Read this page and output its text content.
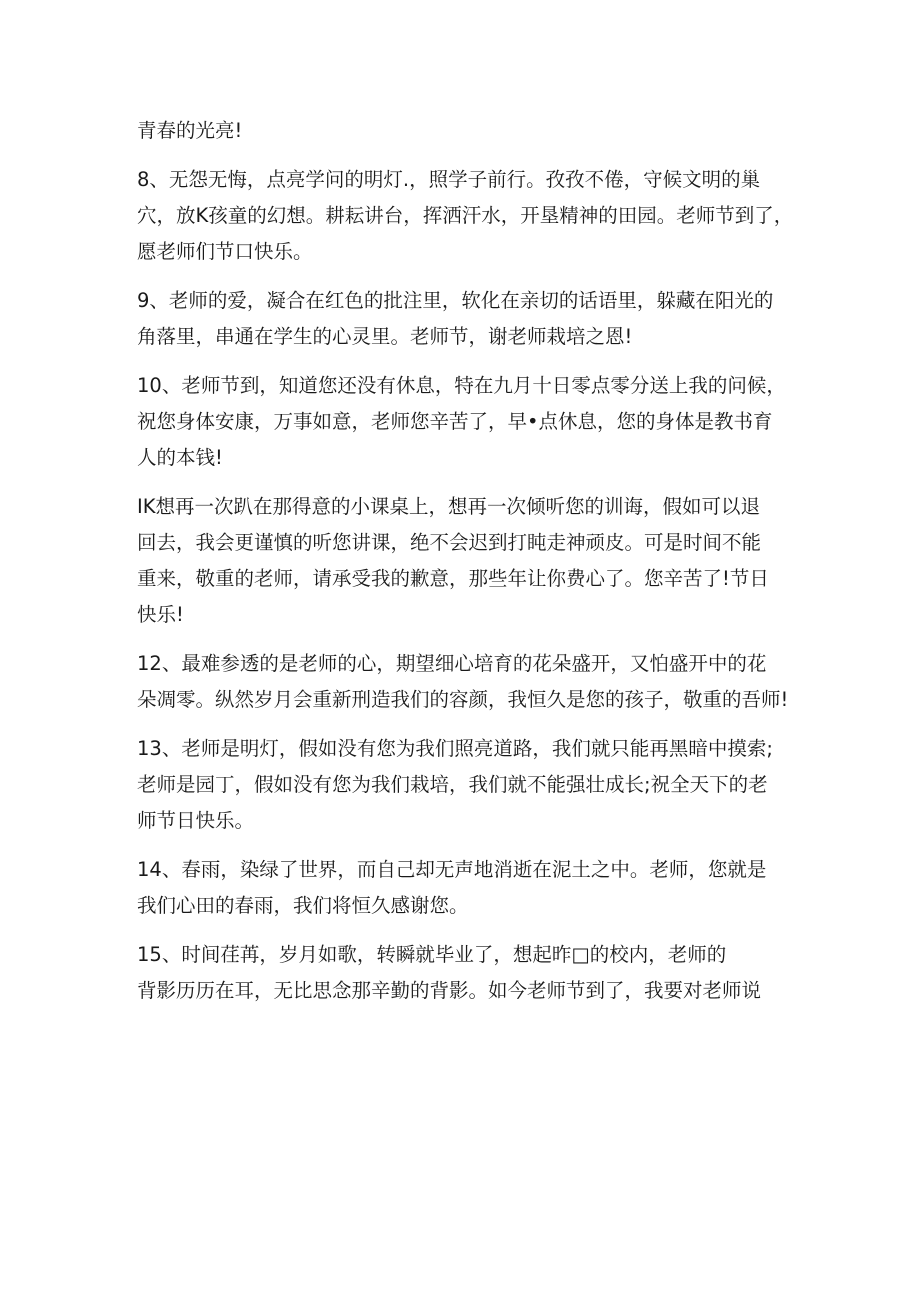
青春的光亮!

8、无怨无悔，点亮学问的明灯.，照学子前行。孜孜不倦，守候文明的巢
穴，放K孩童的幻想。耕耘讲台，挥洒汗水，开垦精神的田园。老师节到了，
愿老师们节口快乐。

9、老师的爱，凝合在红色的批注里，软化在亲切的话语里，躲藏在阳光的
角落里，串通在学生的心灵里。老师节，谢老师栽培之恩!

10、老师节到，知道您还没有休息，特在九月十日零点零分送上我的问候，
祝您身体安康，万事如意，老师您辛苦了，早•点休息，您的身体是教书育
人的本钱!

IK想再一次趴在那得意的小课桌上，想再一次倾听您的训诲，假如可以退
回去，我会更谨慎的听您讲课，绝不会迟到打盹走神顽皮。可是时间不能
重来，敬重的老师，请承受我的歉意，那些年让你费心了。您辛苦了!节日
快乐!

12、最难参透的是老师的心，期望细心培育的花朵盛开，又怕盛开中的花
朵凋零。纵然岁月会重新刑造我们的容颜，我恒久是您的孩子，敬重的吾师!

13、老师是明灯，假如没有您为我们照亮道路，我们就只能再黑暗中摸索;
老师是园丁，假如没有您为我们栽培，我们就不能强壮成长;祝全天下的老
师节日快乐。

14、春雨，染绿了世界，而自己却无声地消逝在泥土之中。老师，您就是
我们心田的春雨，我们将恒久感谢您。

15、时间荏苒，岁月如歌，转瞬就毕业了，想起昨□的校内，老师的
背影历历在耳，无比思念那辛勤的背影。如今老师节到了，我要对老师说
